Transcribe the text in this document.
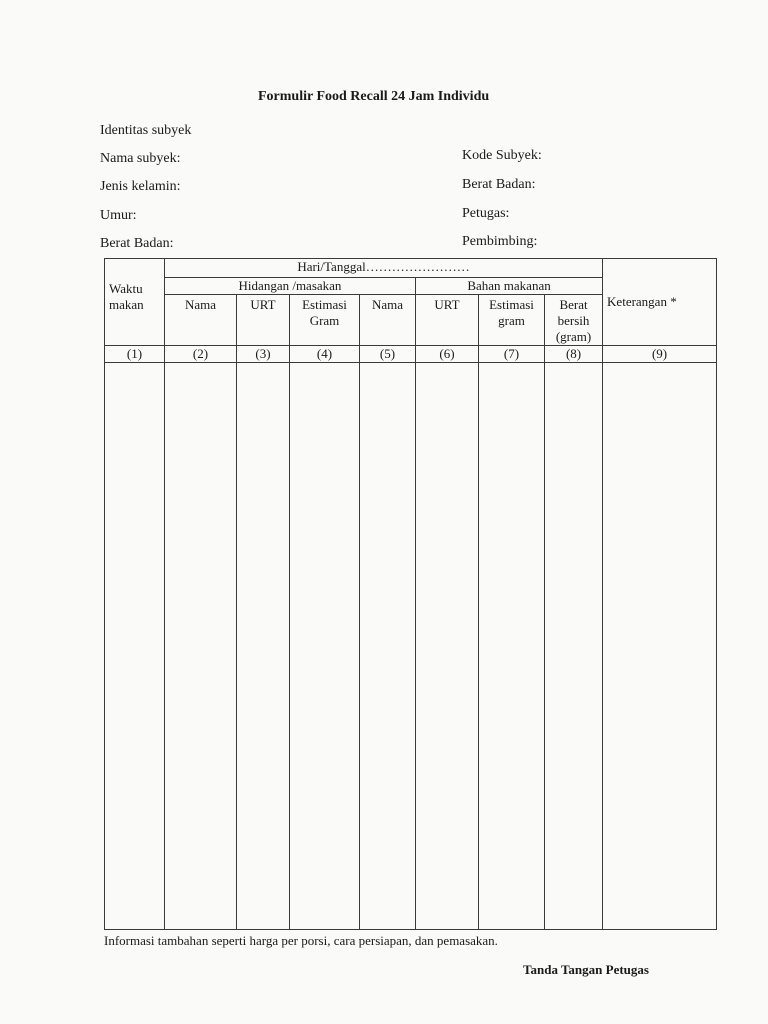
Formulir Food Recall 24 Jam Individu
Identitas subyek
Nama subyek:
Jenis kelamin:
Umur:
Berat Badan:
Kode Subyek:
Berat Badan:
Petugas:
Pembimbing:
Waktu makan	Hari/Tanggal……………………							Keterangan *
	Hidangan /masakan				Bahan makanan			
	Nama	URT	Estimasi Gram	Nama	URT	Estimasi gram	Berat bersih (gram)	
(1)	(2)	(3)	(4)	(5)	(6)	(7)	(8)	(9)

Informasi tambahan seperti harga per porsi, cara persiapan, dan pemasakan.
Tanda Tangan Petugas
